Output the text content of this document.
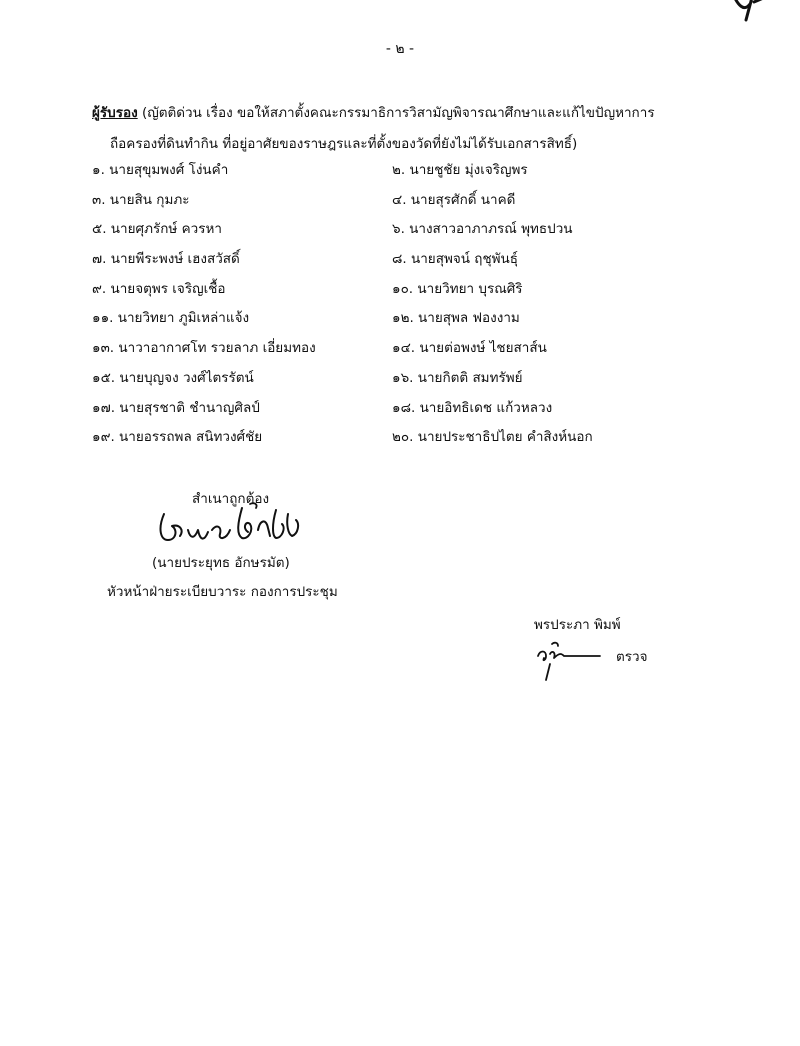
- ๒ -
ผู้รับรอง (ญัตติด่วน เรื่อง ขอให้สภาตั้งคณะกรรมาธิการวิสามัญพิจารณาศึกษาและแก้ไขปัญหาการ
ถือครองที่ดินทำกิน ที่อยู่อาศัยของราษฎรและที่ตั้งของวัดที่ยังไม่ได้รับเอกสารสิทธิ์)
๑. นายสุขุมพงศ์ โง่นคำ	๒. นายชูชัย มุ่งเจริญพร
๓. นายสิน กุมภะ	๔. นายสุรศักดิ์ นาคดี
๕. นายศุภรักษ์ ควรหา	๖. นางสาวอาภาภรณ์ พุทธปวน
๗. นายพีระพงษ์ เฮงสวัสดิ์	๘. นายสุพจน์ ฤชุพันธุ์
๙. นายจตุพร เจริญเชื้อ	๑๐. นายวิทยา บุรณศิริ
๑๑. นายวิทยา ภูมิเหล่าแจ้ง	๑๒. นายสุพล ฟองงาม
๑๓. นาวาอากาศโท รวยลาภ เอี่ยมทอง	๑๔. นายต่อพงษ์ ไชยสาส์น
๑๕. นายบุญจง วงศ์ไตรรัตน์	๑๖. นายกิตติ สมทรัพย์
๑๗. นายสุรชาติ ชำนาญศิลป์	๑๘. นายอิทธิเดช แก้วหลวง
๑๙. นายอรรถพล สนิทวงศ์ชัย	๒๐. นายประชาธิปไตย คำสิงห์นอก
สำเนาถูกต้อง
(นายประยุทธ อักษรมัต)
หัวหน้าฝ่ายระเบียบวาระ กองการประชุม
พรประภา พิมพ์
ตรวจ
